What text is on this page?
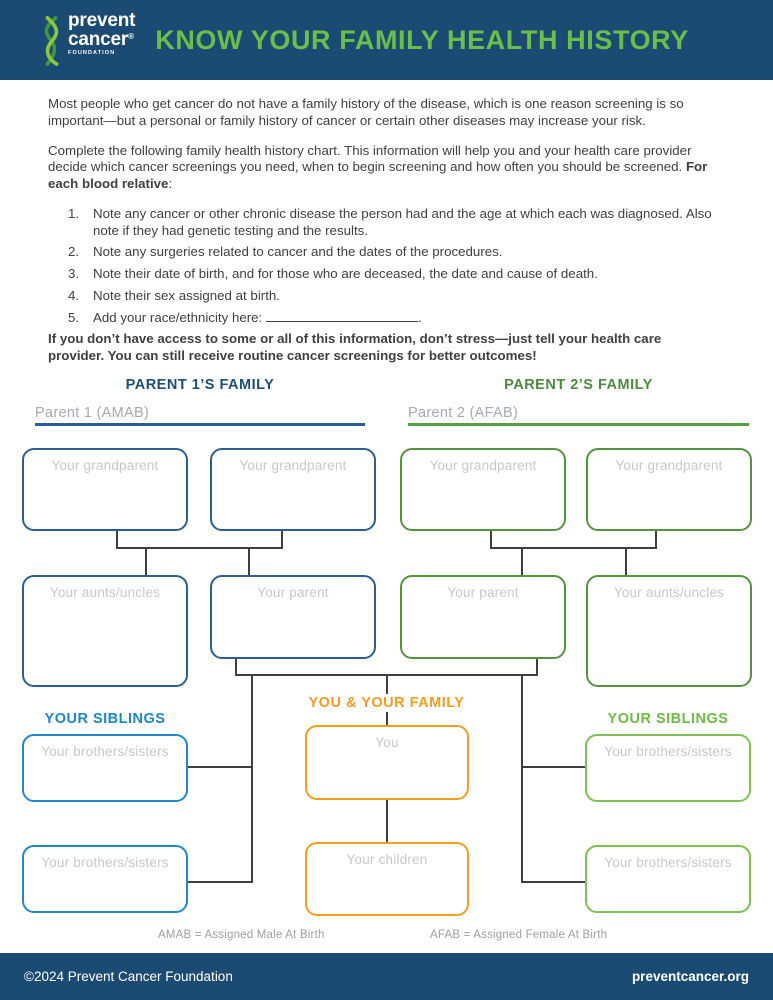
prevent
cancer®
FOUNDATION	KNOW YOUR FAMILY HEALTH HISTORY

Most people who get cancer do not have a family history of the disease, which is one reason screening is so important—but a personal or family history of cancer or certain other diseases may increase your risk.

Complete the following family health history chart. This information will help you and your health care provider decide which cancer screenings you need, when to begin screening and how often you should be screened. For each blood relative:

1.	Note any cancer or other chronic disease the person had and the age at which each was diagnosed. Also note if they had genetic testing and the results.
2.	Note any surgeries related to cancer and the dates of the procedures.
3.	Note their date of birth, and for those who are deceased, the date and cause of death.
4.	Note their sex assigned at birth.
5.	Add your race/ethnicity here:	.

If you don’t have access to some or all of this information, don’t stress—just tell your health care provider. You can still receive routine cancer screenings for better outcomes!

PARENT 1’S FAMILY	PARENT 2’S FAMILY
Parent 1 (AMAB)	Parent 2 (AFAB)
Your grandparent	Your grandparent
Your aunts/uncles	Your parent
Your grandparent	Your grandparent
Your parent	Your aunts/uncles
YOU & YOUR FAMILY
YOUR SIBLINGS	YOUR SIBLINGS
Your brothers/sisters
Your brothers/sisters
Your brothers/sisters
Your brothers/sisters
You
Your children
AMAB = Assigned Male At Birth	AFAB = Assigned Female At Birth
©2024 Prevent Cancer Foundation	preventcancer.org
